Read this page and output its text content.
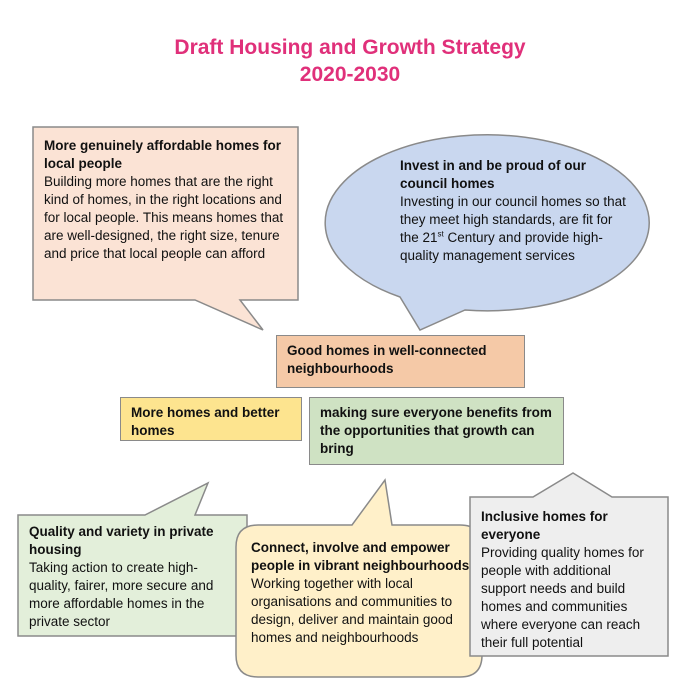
Draft Housing and Growth Strategy
2020-2030
Good homes in well-connected neighbourhoods
More homes and better homes
making sure everyone benefits from the opportunities that growth can bring
More genuinely affordable homes for local people
Building more homes that are the right kind of homes, in the right locations and for local people. This means homes that are well-designed, the right size, tenure and price that local people can afford
Invest in and be proud of our council homes
Investing in our council homes so that they meet high standards, are fit for the 21st Century and provide high-quality management services
Quality and variety in private housing
Taking action to create high-quality, fairer, more secure and more affordable homes in the private sector
Connect, involve and empower people in vibrant neighbourhoods
Working together with local organisations and communities to design, deliver and maintain good homes and neighbourhoods
Inclusive homes for everyone
Providing quality homes for people with additional support needs and build homes and communities where everyone can reach their full potential
